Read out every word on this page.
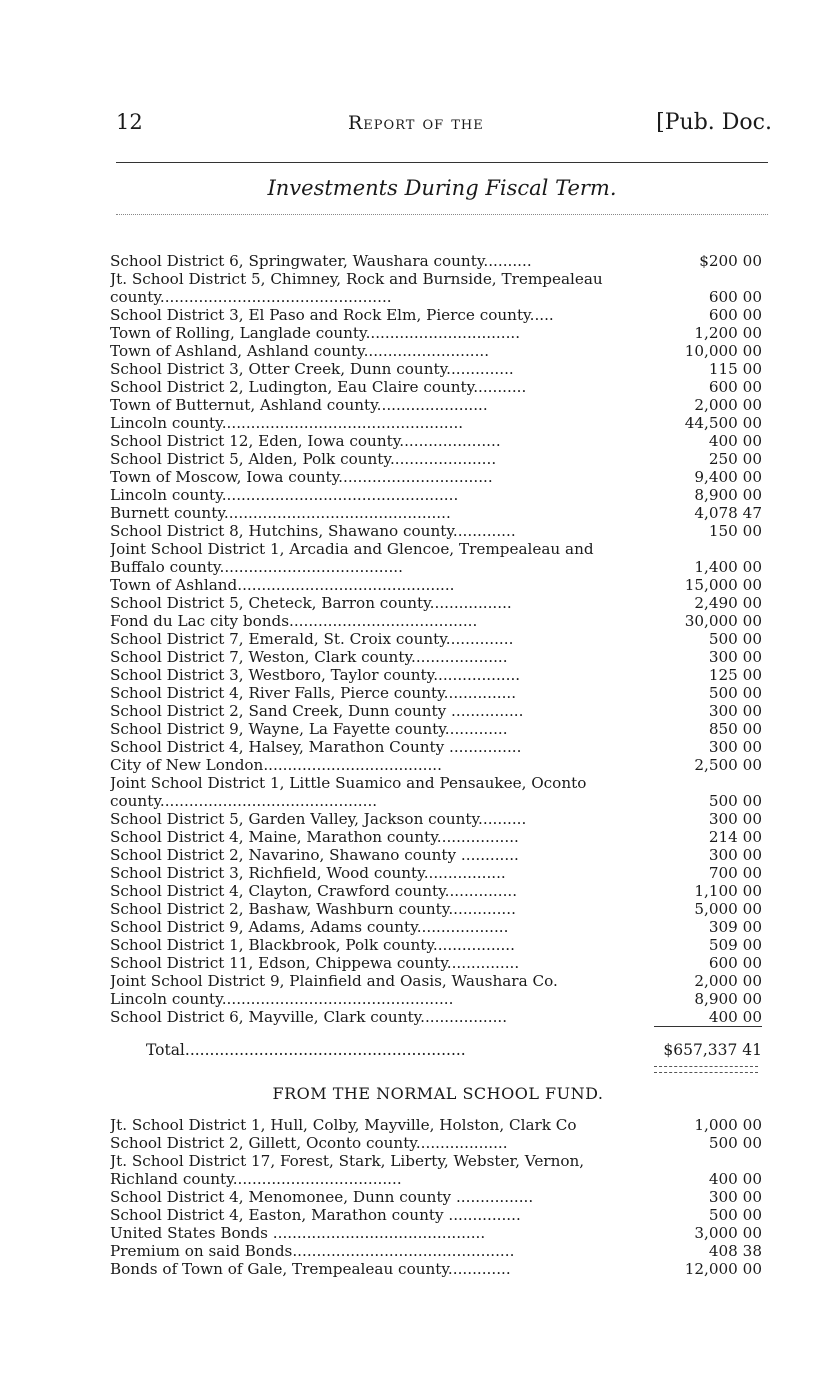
12	Report of the	[Pub. Doc.
Investments During Fiscal Term.
School District 6, Springwater, Waushara county..........	$200 00
Jt. School District 5, Chimney, Rock and Burnside, Trempealeau county................................................	600 00
School District 3, El Paso and Rock Elm, Pierce county.....	600 00
Town of Rolling, Langlade county................................	1,200 00
Town of Ashland, Ashland county..........................	10,000 00
School District 3, Otter Creek, Dunn county..............	115 00
School District 2, Ludington, Eau Claire county...........	600 00
Town of Butternut, Ashland county.......................	2,000 00
Lincoln county..................................................	44,500 00
School District 12, Eden, Iowa county.....................	400 00
School District 5, Alden, Polk county......................	250 00
Town of Moscow, Iowa county................................	9,400 00
Lincoln county.................................................	8,900 00
Burnett county...............................................	4,078 47
School District 8, Hutchins, Shawano county.............	150 00
Joint School District 1, Arcadia and Glencoe, Trempealeau and Buffalo county......................................	1,400 00
Town of Ashland.............................................	15,000 00
School District 5, Cheteck, Barron county.................	2,490 00
Fond du Lac city bonds.......................................	30,000 00
School District 7, Emerald, St. Croix county..............	500 00
School District 7, Weston, Clark county....................	300 00
School District 3, Westboro, Taylor county..................	125 00
School District 4, River Falls, Pierce county...............	500 00
School District 2, Sand Creek, Dunn county ...............	300 00
School District 9, Wayne, La Fayette county.............	850 00
School District 4, Halsey, Marathon County ...............	300 00
City of New London.....................................	2,500 00
Joint School District 1, Little Suamico and Pensaukee, Oconto county.............................................	500 00
School District 5, Garden Valley, Jackson county..........	300 00
School District 4, Maine, Marathon county.................	214 00
School District 2, Navarino, Shawano county ............	300 00
School District 3, Richfield, Wood county.................	700 00
School District 4, Clayton, Crawford county...............	1,100 00
School District 2, Bashaw, Washburn county..............	5,000 00
School District 9, Adams, Adams county...................	309 00
School District 1, Blackbrook, Polk county.................	509 00
School District 11, Edson, Chippewa county...............	600 00
Joint School District 9, Plainfield and Oasis, Waushara Co.	2,000 00
Lincoln county................................................	8,900 00
School District 6, Mayville, Clark county..................	400 00
Total.........................................................	$657,337 41
FROM THE NORMAL SCHOOL FUND.
Jt. School District 1, Hull, Colby, Mayville, Holston, Clark Co	1,000 00
School District 2, Gillett, Oconto county...................	500 00
Jt. School District 17, Forest, Stark, Liberty, Webster, Vernon, Richland county...................................	400 00
School District 4, Menomonee, Dunn county ................	300 00
School District 4, Easton, Marathon county ...............	500 00
United States Bonds ............................................	3,000 00
Premium on said Bonds..............................................	408 38
Bonds of Town of Gale, Trempealeau county.............	12,000 00
